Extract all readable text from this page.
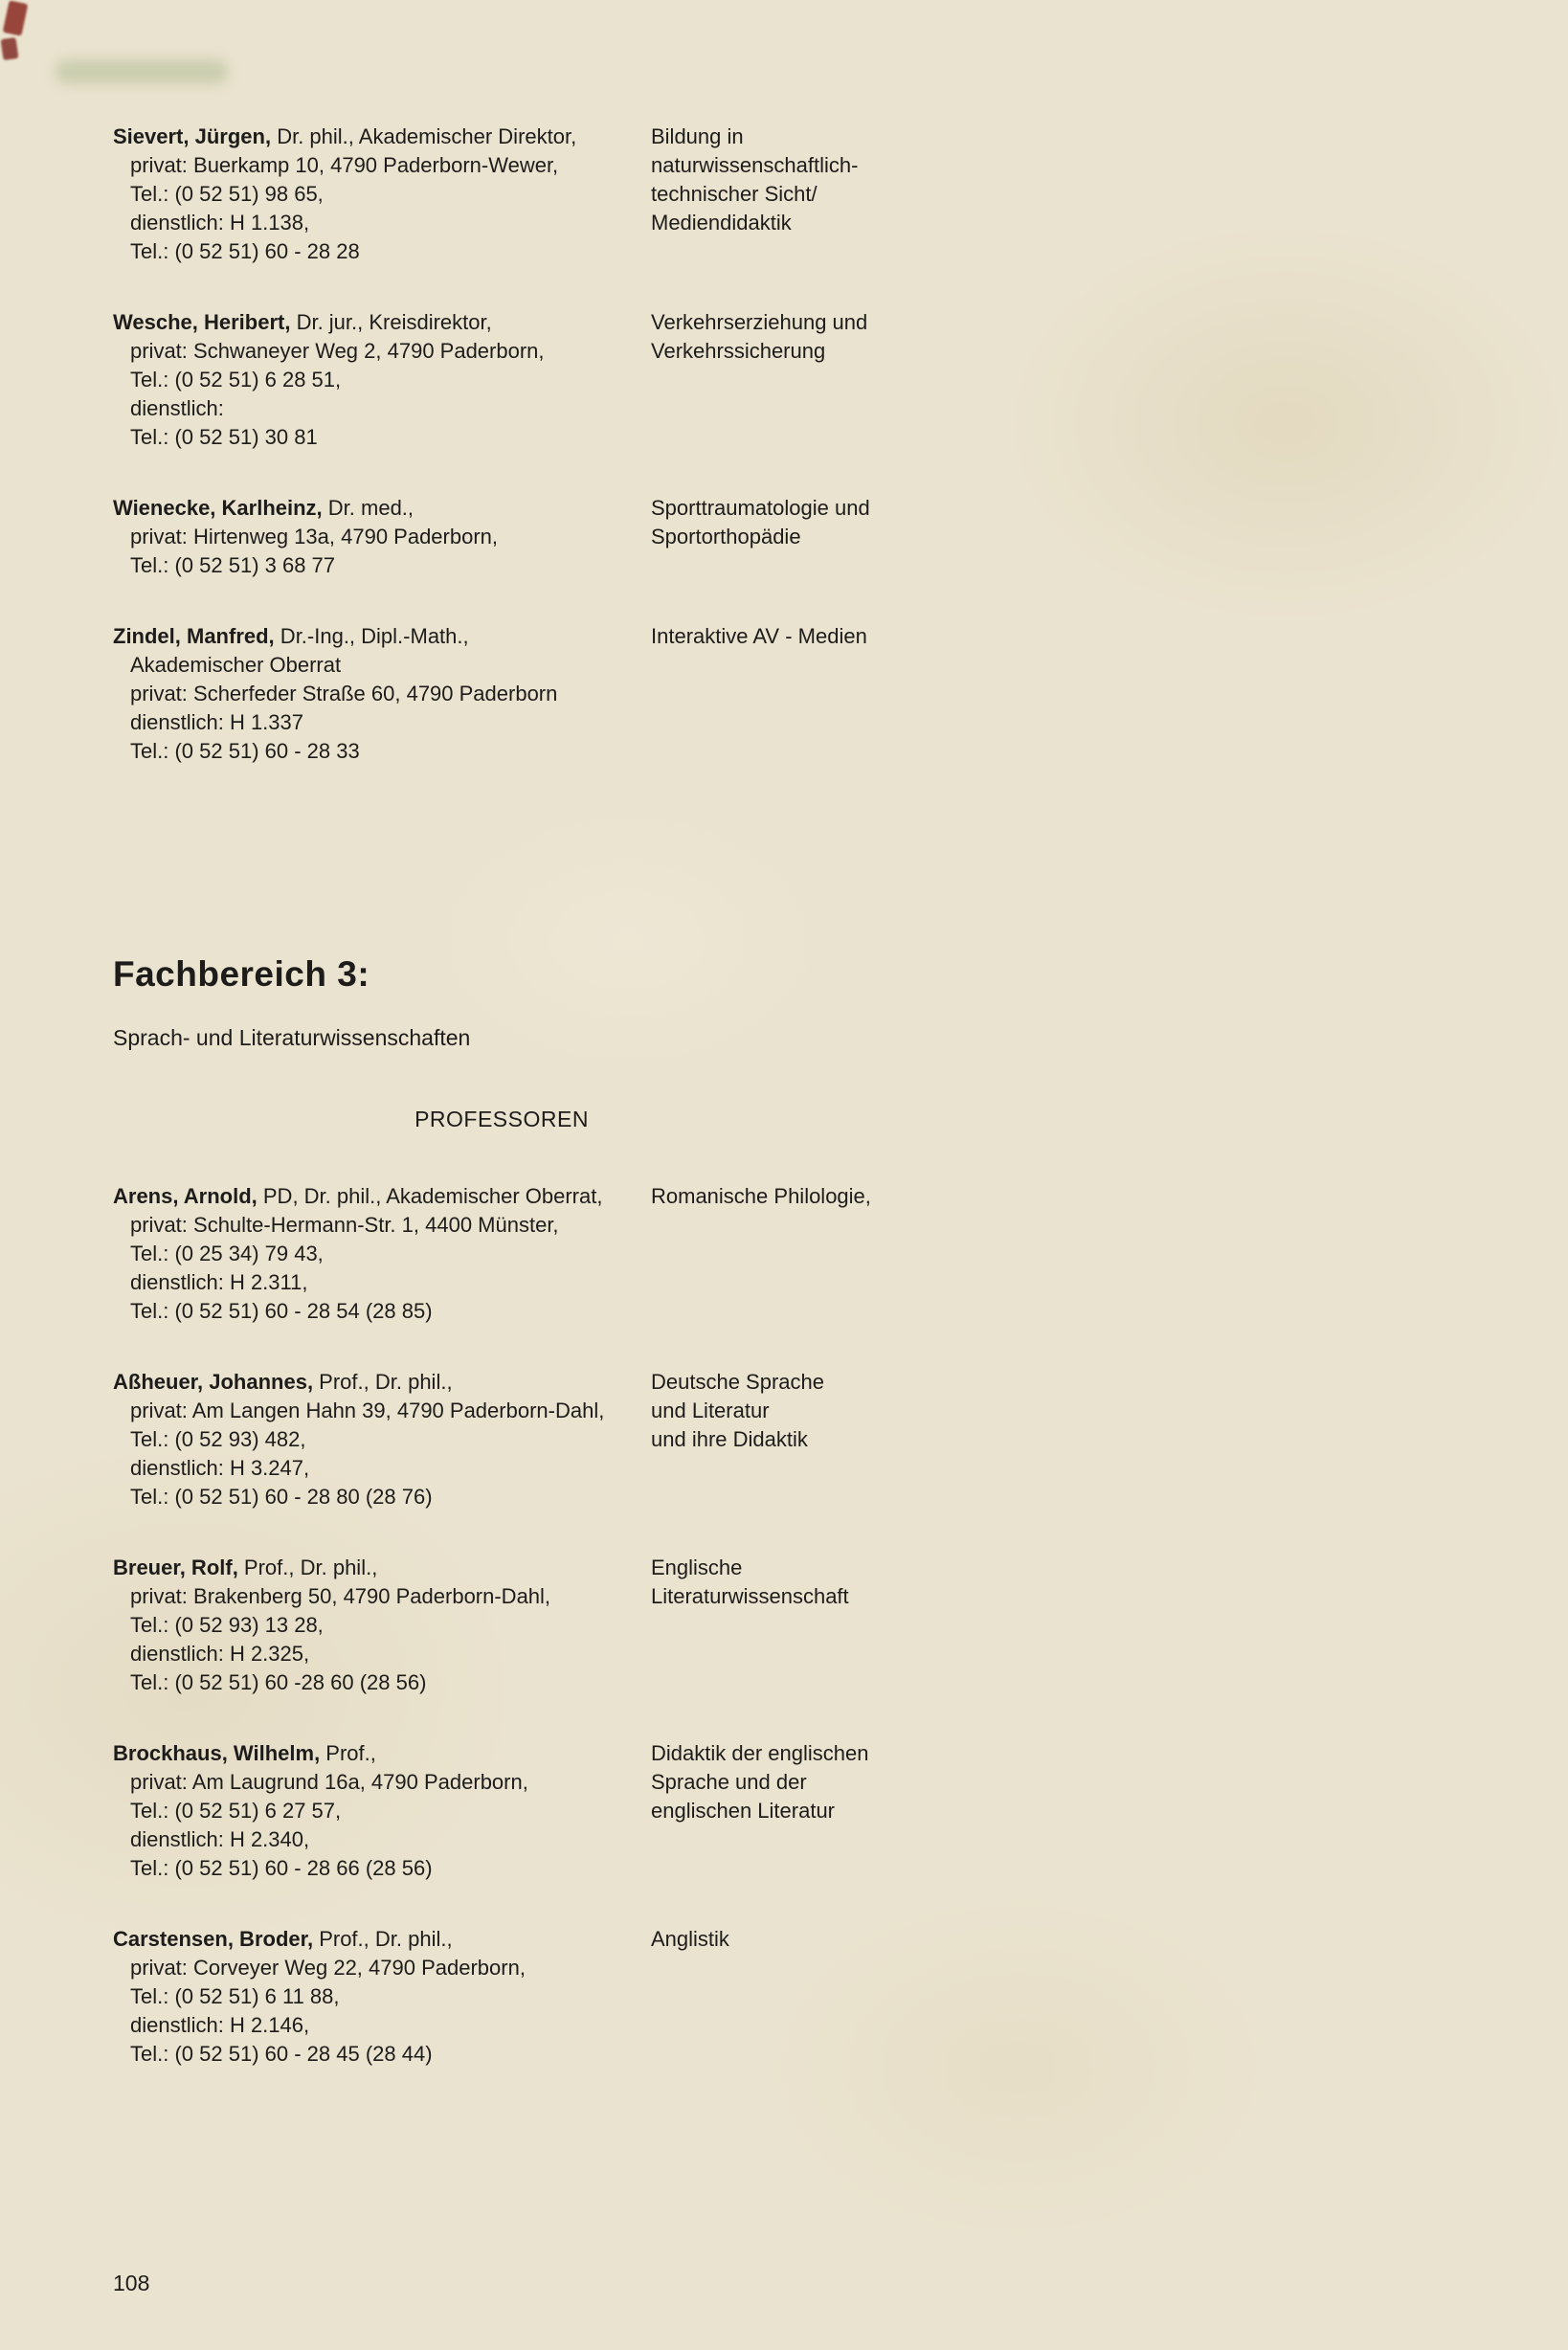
Sievert, Jürgen, Dr. phil., Akademischer Direktor,
privat: Buerkamp 10, 4790 Paderborn-Wewer,
Tel.: (0 52 51) 98 65,
dienstlich: H 1.138,
Tel.: (0 52 51) 60 - 28 28
Bildung in
naturwissenschaftlich-
technischer Sicht/
Mediendidaktik
Wesche, Heribert, Dr. jur., Kreisdirektor,
privat: Schwaneyer Weg 2, 4790 Paderborn,
Tel.: (0 52 51) 6 28 51,
dienstlich:
Tel.: (0 52 51) 30 81
Verkehrserziehung und
Verkehrssicherung
Wienecke, Karlheinz, Dr. med.,
privat: Hirtenweg 13a, 4790 Paderborn,
Tel.: (0 52 51) 3 68 77
Sporttraumatologie und
Sportorthopädie
Zindel, Manfred, Dr.-Ing., Dipl.-Math.,
Akademischer Oberrat
privat: Scherfeder Straße 60, 4790 Paderborn
dienstlich: H 1.337
Tel.: (0 52 51) 60 - 28 33
Interaktive AV - Medien
Fachbereich 3:
Sprach- und Literaturwissenschaften
PROFESSOREN
Arens, Arnold, PD, Dr. phil., Akademischer Oberrat,
privat: Schulte-Hermann-Str. 1, 4400 Münster,
Tel.: (0 25 34) 79 43,
dienstlich: H 2.311,
Tel.: (0 52 51) 60 - 28 54 (28 85)
Romanische Philologie,
Aßheuer, Johannes, Prof., Dr. phil.,
privat: Am Langen Hahn 39, 4790 Paderborn-Dahl,
Tel.: (0 52 93) 482,
dienstlich: H 3.247,
Tel.: (0 52 51) 60 - 28 80 (28 76)
Deutsche Sprache
und Literatur
und ihre Didaktik
Breuer, Rolf, Prof., Dr. phil.,
privat: Brakenberg 50, 4790 Paderborn-Dahl,
Tel.: (0 52 93) 13 28,
dienstlich: H 2.325,
Tel.: (0 52 51) 60 -28 60 (28 56)
Englische
Literaturwissenschaft
Brockhaus, Wilhelm, Prof.,
privat: Am Laugrund 16a, 4790 Paderborn,
Tel.: (0 52 51) 6 27 57,
dienstlich: H 2.340,
Tel.: (0 52 51) 60 - 28 66 (28 56)
Didaktik der englischen
Sprache und der
englischen Literatur
Carstensen, Broder, Prof., Dr. phil.,
privat: Corveyer Weg 22, 4790 Paderborn,
Tel.: (0 52 51) 6 11 88,
dienstlich: H 2.146,
Tel.: (0 52 51) 60 - 28 45 (28 44)
Anglistik
108
